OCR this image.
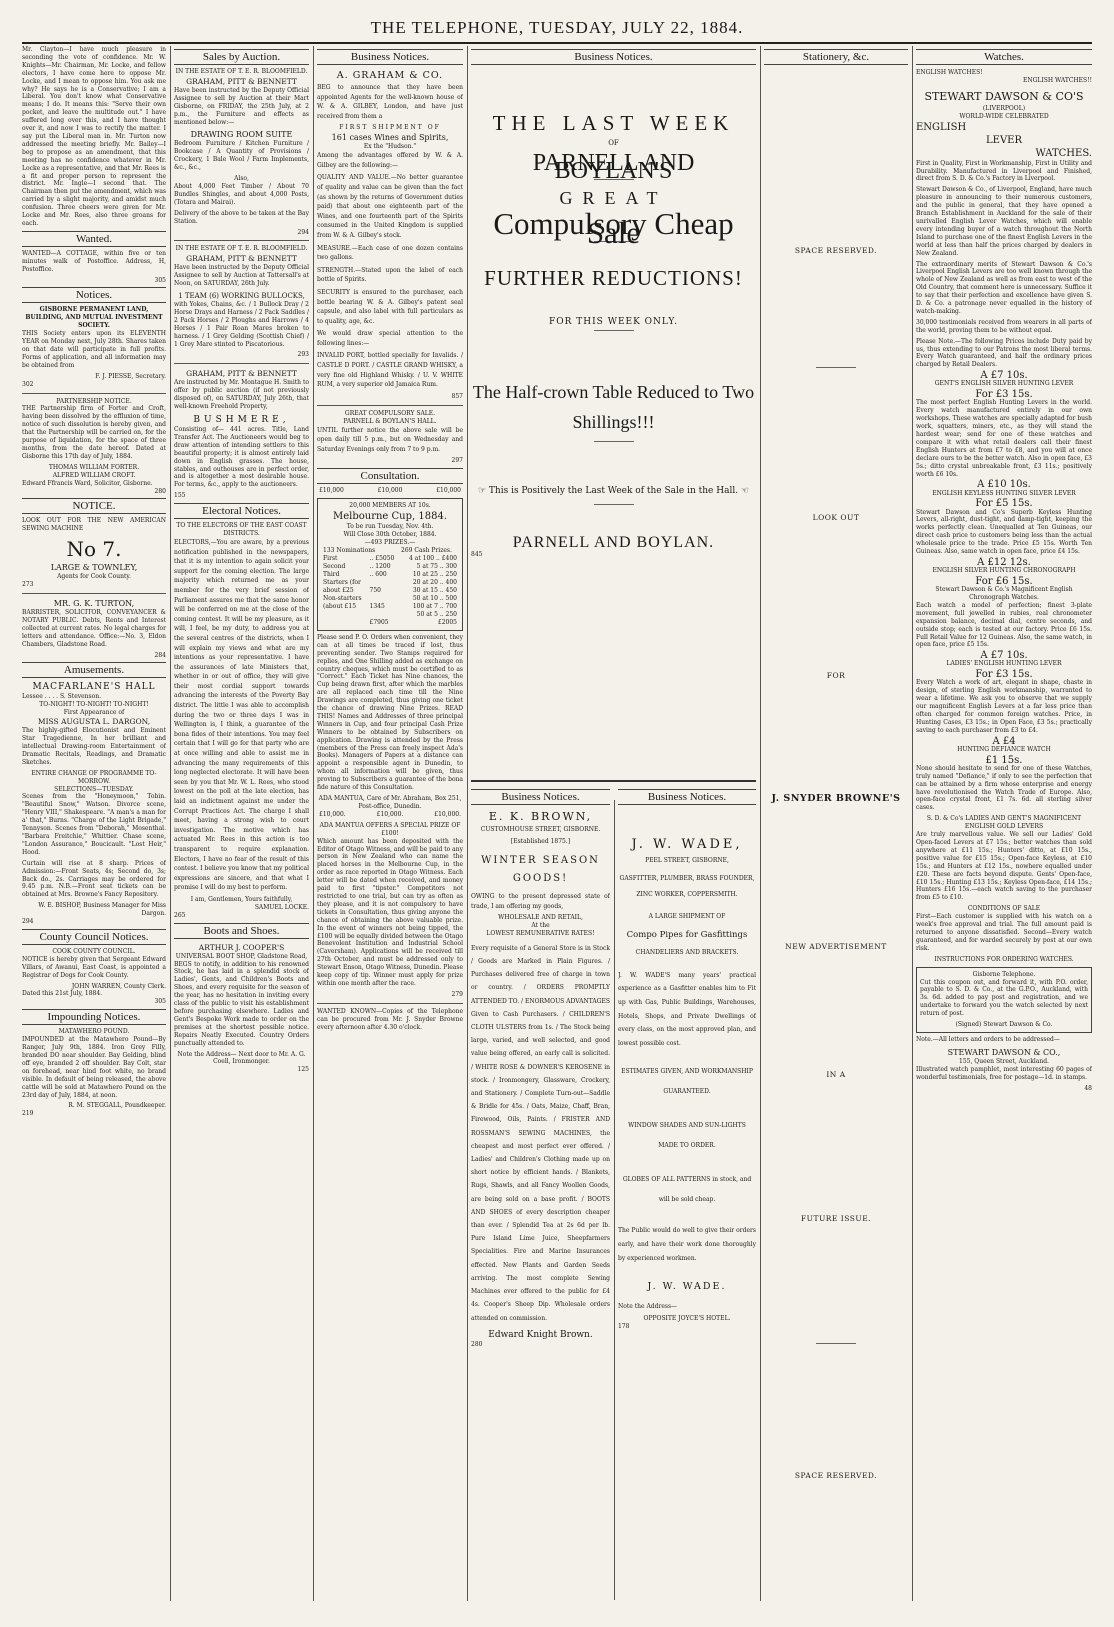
THE TELEPHONE, TUESDAY, JULY 22, 1884.
Mr. Clayton—I have much pleasure in seconding the vote of confidence. Mr. W. Knights—Mr. Chairman, Mr. Locke, and fellow electors, I have come here to oppose Mr. Locke, and I mean to oppose him. You ask me why? He says he is a Conservative; I am a Liberal. You don't know what Conservative means; I do. It means this: "Serve their own pocket, and leave the multitude out." I have suffered long over this, and I have thought over it, and now I was to rectify the matter. I say put the Liberal man in. Mr. Turton now addressed the meeting briefly. Mr. Bailey—I beg to propose as an amendment, that this meeting has no confidence whatever in Mr. Locke as a representative, and that Mr. Rees is a fit and proper person to represent the district. Mr. Ingle—I second that. The Chairman then put the amendment, which was carried by a slight majority, and amidst much confusion. Three cheers were given for Mr. Locke and Mr. Rees, also three groans for each.
Wanted.
WANTED—A COTTAGE, within five or ten minutes walk of Postoffice. Address, H, Postoffice.
305
Notices.
GISBORNE PERMANENT LAND, BUILDING, AND MUTUAL INVESTMENT SOCIETY.
THIS Society enters upon its ELEVENTH YEAR on Monday next, July 28th. Shares taken on that date will participate in full profits. Forms of application, and all information may be obtained from
F. J. PIESSE, Secretary.
302
PARTNERSHIP NOTICE.
THE Partnership firm of Forter and Croft, having been dissolved by the effluxion of time, notice of such dissolution is hereby given, and that the Partnership will be carried on, for the purpose of liquidation, for the space of three months, from the date hereof. Dated at Gisborne this 17th day of July, 1884.
THOMAS WILLIAM FORTER.
ALFRED WILLIAM CROFT.
Edward Ffrancis Ward, Solicitor, Gisborne.
280
NOTICE.
LOOK OUT FOR THE NEW AMERICAN SEWING MACHINE
No 7.
LARGE & TOWNLEY,
Agents for Cook County.
273
MR. G. K. TURTON,
BARRISTER, SOLICITOR, CONVEYANCER & NOTARY PUBLIC. Debts, Rents and Interest collected at current rates. No legal charges for letters and attendance. Office:—No. 3, Eldon Chambers, Gladstone Road.
284
Amusements.
MACFARLANE'S HALL
Lessee . . . . S. Stevenson.
TO-NIGHT! TO-NIGHT! TO-NIGHT!
First Appearance of
MISS AUGUSTA L. DARGON,
The highly-gifted Elocutionist and Eminent Star Tragedienne, In her brilliant and intellectual Drawing-room Entertainment of Dramatic Recitals, Readings, and Dramatic Sketches.
ENTIRE CHANGE OF PROGRAMME TO-MORROW.
SELECTIONS—TUESDAY.
Scenes from the "Honeymoon," Tobin. "Beautiful Snow," Watson. Divorce scene, "Henry VIII," Shakespeare. "A man's a man for a' that," Burns. "Charge of the Light Brigade," Tennyson. Scenes from "Deborah," Mosenthal. "Barbara Freitchie," Whittier. Chase scene, "London Assurance," Boucicault. "Lost Heir," Hood.
Curtain will rise at 8 sharp. Prices of Admission:—Front Seats, 4s; Second do, 3s; Back do., 2s. Carriages may be ordered for 9.45 p.m. N.B.—Front seat tickets can be obtained at Mrs. Browne's Fancy Repository.
W. E. BISHOP, Business Manager for Miss Dargon.
294
County Council Notices.
COOK COUNTY COUNCIL.
NOTICE is hereby given that Sergeant Edward Villars, of Awanui, East Coast, is appointed a Registrar of Dogs for Cook County.
JOHN WARREN, County Clerk.
Dated this 21st July, 1884.
305
Impounding Notices.
MATAWHERO POUND.
IMPOUNDED at the Matawhero Pound—By Ranger, July 9th, 1884. Iron Grey Filly, branded DO near shoulder. Bay Gelding, blind off eye, branded 2 off shoulder. Bay Colt, star on forehead, near hind foot white, no brand visible. In default of being released, the above cattle will be sold at Matawhero Pound on the 23rd day of July, 1884, at noon.
R. M. STEGGALL, Poundkeeper.
219
Sales by Auction.
IN THE ESTATE OF T. E. R. BLOOMFIELD.
GRAHAM, PITT & BENNETT
Have been instructed by the Deputy Official Assignee to sell by Auction at their Mart Gisborne, on FRIDAY, the 25th July, at 2 p.m., the Furniture and effects as mentioned below:—
DRAWING ROOM SUITE
Bedroom Furniture / Kitchen Furniture / Bookcase / A Quantity of Provisions / Crockery, 1 Bale Wool / Farm Implements, &c., &c.,
Also,
About 4,000 Feet Timber / About 70 Bundles Shingles, and about 4,000 Posts, (Totara and Mairai).
Delivery of the above to be taken at the Bay Station.
294
IN THE ESTATE OF T. E. R. BLOOMFIELD.
GRAHAM, PITT & BENNETT
Have been instructed by the Deputy Official Assignee to sell by Auction at Tattersall's at Noon, on SATURDAY, 26th July.
1 TEAM (6) WORKING BULLOCKS,
with Yokes, Chains, &c. / 1 Bullock Dray / 2 Horse Drays and Harness / 2 Pack Saddles / 2 Pack Horses / 2 Ploughs and Harrows / 4 Horses / 1 Pair Roan Mares broken to harness. / 1 Grey Gelding (Scottish Chief) / 1 Grey Mare stinted to Piscatorious.
293
GRAHAM, PITT & BENNETT
Are instructed by Mr. Montague H. Smith to offer by public auction (if not previously disposed of), on SATURDAY, July 26th, that well-known Freehold Property,
BUSHMERE,
Consisting of— 441 acres. Title, Land Transfer Act. The Auctioneers would beg to draw attention of intending settlers to this beautiful property; it is almost entirely laid down in English grasses. The house, stables, and outhouses are in perfect order, and is altogether a most desirable house. For terms, &c., apply to the auctioneers.
155
Electoral Notices.
TO THE ELECTORS OF THE EAST COAST DISTRICTS.
ELECTORS,—You are aware, by a previous notification published in the newspapers, that it is my intention to again solicit your support for the coming election. The large majority which returned me as your member for the very brief session of Parliament assures me that the same honor will be conferred on me at the close of the coming contest. It will be my pleasure, as it will, I feel, be my duty, to address you at the several centres of the districts, when I will explain my views and what are my intentions as your representative. I have the assurances of late Ministers that, whether in or out of office, they will give their most cordial support towards advancing the interests of the Poverty Bay district. The little I was able to accomplish during the two or three days I was in Wellington is, I think, a guarantee of the bona fides of their intentions. You may feel certain that I will go for that party who are at once willing and able to assist me in advancing the many requirements of this long neglected electorate. It will have been seen by you that Mr. W. L. Rees, who stood lowest on the poll at the late election, has laid an indictment against me under the Corrupt Practices Act. The charge I shall meet, having a strong wish to court investigation. The motive which has actuated Mr. Rees in this action is too transparent to require explanation. Electors, I have no fear of the result of this contest. I believe you know that my political expressions are sincere, and that what I promise I will do my best to perform.
I am, Gentlemen, Yours faithfully,
SAMUEL LOCKE.
265
Boots and Shoes.
ARTHUR J. COOPER'S
UNIVERSAL BOOT SHOP, Gladstone Road,
BEGS to notify, in addition to his renowned Stock, he has laid in a splendid stock of Ladies', Gents, and Children's Boots and Shoes, and every requisite for the season of the year, has no hesitation in inviting every class of the public to visit his establishment before purchasing elsewhere. Ladies and Gent's Bespoke Work made to order on the premises at the shortest possible notice. Repairs Neatly Executed. Country Orders punctually attended to.
Note the Address— Next door to Mr. A. G. Coell, Ironmonger.
125
Business Notices.
A. GRAHAM & CO.
BEG to announce that they have been appointed Agents for the well-known house of W. & A. GILBEY, London, and have just received from them a
FIRST SHIPMENT OF
161 cases Wines and Spirits,
Ex the "Hudson."
Among the advantages offered by W. & A. Gilbey are the following:—
QUALITY AND VALUE.—No better guarantee of quality and value can be given than the fact (as shown by the returns of Government duties paid) that about one eighteenth part of the Wines, and one fourteenth part of the Spirits consumed in the United Kingdom is supplied from W. & A. Gilbey's stock.
MEASURE.—Each case of one dozen contains two gallons.
STRENGTH.—Stated upon the label of each bottle of Spirits.
SECURITY is ensured to the purchaser, each bottle bearing W. & A. Gilbey's patent seal capsule, and also label with full particulars as to quality, age, &c.
We would draw special attention to the following lines:—
INVALID PORT, bottled specially for Invalids. / CASTLE D PORT. / CASTLE GRAND WHISKY, a very fine old Highland Whisky. / U. V. WHITE RUM, a very superior old Jamaica Rum.
857
GREAT COMPULSORY SALE.
PARNELL & BOYLAN'S HALL.
UNTIL further notice the above sale will be open daily till 5 p.m., but on Wednesday and Saturday Evenings only from 7 to 9 p.m.
297
Consultation.
£10,000	£10,000	£10,000
20,000 MEMBERS AT 10s.
Melbourne Cup, 1884.
To be run Tuesday, Nov. 4th.
Will Close 30th October, 1884.
—493 PRIZES.—
133 Nominations		269 Cash Prizes.
First	.. £5050	4 at 100 .. £400
Second	.. 1200	5 at 75 .. 300
Third	.. 600	10 at 25 .. 250
Starters (for		20 at 20 .. 400
about £25	750	30 at 15 .. 450
Non-starters		50 at 10 .. 500
(about £15	1345	100 at 7 .. 700
		50 at 5 .. 250
	£7905	£2005
Please send P. O. Orders when convenient, they can at all times be traced if lost, thus preventing sender. Two Stamps required for replies, and One Shilling added as exchange on country cheques, which must be certified to as "Correct." Each Ticket has Nine chances, the Cup being drawn first, after which the marbles are all replaced each time till the Nine Drawings are completed, thus giving one ticket the chance of drawing Nine Prizes. READ THIS! Names and Addresses of three principal Winners in Cup, and four principal Cash Prize Winners to be obtained by Subscribers on application. Drawing is attended by the Press (members of the Press can freely inspect Ada's Books). Managers of Papers at a distance can appoint a responsible agent in Dunedin, to whom all information will be given, thus proving to Subscribers a guarantee of the bona fide nature of this Consultation.
ADA MANTUA, Care of Mr. Abraham, Box 251, Post-office, Dunedin.
£10,000.	£10,000.	£10,000.
ADA MANTUA OFFERS A SPECIAL PRIZE OF £100!
Which amount has been deposited with the Editor of Otago Witness, and will be paid to any person in New Zealand who can name the placed horses in the Melbourne Cup, in the order as race reported in Otago Witness. Each letter will be dated when received, and money paid to first "tipster." Competitors not restricted to one trial, but can try as often as they please, and it is not compulsory to have tickets in Consultation, thus giving anyone the chance of obtaining the above valuable prize. In the event of winners not being tipped, the £100 will be equally divided between the Otago Benevolent Institution and Industrial School (Caversham). Applications will be received till 27th October, and must be addressed only to Stewart Enson, Otago Witness, Dunedin. Please keep copy of tip. Winner must apply for prize within one month after the race.
279
WANTED KNOWN—Copies of the Telephone can be procured from Mr. J. Snyder Browne every afternoon after 4.30 o'clock.
Business Notices.
THE LAST WEEK
OF
PARNELL AND BOYLAN'S
GREAT
Compulsory Cheap Sale
FURTHER REDUCTIONS!
FOR THIS WEEK ONLY.
The Half-crown Table Reduced to Two Shillings!!!
☞ This is Positively the Last Week of the Sale in the Hall. ☜
PARNELL AND BOYLAN.
845
Business Notices.
E. K. BROWN,
CUSTOMHOUSE STREET, GISBORNE.
[Established 1875.]
WINTER SEASON GOODS!
OWING to the present depressed state of trade, I am offering my goods,
WHOLESALE AND RETAIL,
At the
LOWEST REMUNERATIVE RATES!
Every requisite of a General Store is in Stock / Goods are Marked in Plain Figures. / Purchases delivered free of charge in town or country. / ORDERS PROMPTLY ATTENDED TO. / ENORMOUS ADVANTAGES Given to Cash Purchasers. / CHILDREN'S CLOTH ULSTERS from 1s. / The Stock being large, varied, and well selected, and good value being offered, an early call is solicited. / WHITE ROSE & DOWNER'S KEROSENE in stock. / Ironmongery, Glassware, Crockery, and Stationery. / Complete Turn-out—Saddle & Bridle for 45s. / Oats, Maize, Chaff, Bran, Firewood, Oils, Paints. / FRISTER AND ROSSMAN'S SEWING MACHINES, the cheapest and most perfect ever offered. / Ladies' and Children's Clothing made up on short notice by efficient hands. / Blankets, Rugs, Shawls, and all Fancy Woollen Goods, are being sold on a base profit. / BOOTS AND SHOES of every description cheaper than ever. / Splendid Tea at 2s 6d per lb. Pure Island Lime Juice, Sheepfarmers Specialities. Fire and Marine Insurances effected. New Plants and Garden Seeds arriving. The most complete Sewing Machines ever offered to the public for £4 4s. Cooper's Sheep Dip. Wholesale orders attended on commission.
Edward Knight Brown.
280
Business Notices.
J. W. WADE,
PEEL STREET, GISBORNE,
GASFITTER, PLUMBER, BRASS FOUNDER, ZINC WORKER, COPPERSMITH.
A LARGE SHIPMENT OF
Compo Pipes for Gasfittings
CHANDELIERS AND BRACKETS.
J. W. WADE'S many years' practical experience as a Gasfitter enables him to Fit up with Gas, Public Buildings, Warehouses, Hotels, Shops, and Private Dwellings of every class, on the most approved plan, and lowest possible cost.
ESTIMATES GIVEN, AND WORKMANSHIP GUARANTEED.
WINDOW SHADES AND SUN-LIGHTS MADE TO ORDER.
GLOBES OF ALL PATTERNS in stock, and will be sold cheap.
The Public would do well to give their orders early, and have their work done thoroughly by experienced workmen.
J. W. WADE.
Note the Address—
OPPOSITE JOYCE'S HOTEL.
178
Stationery, &c.
SPACE RESERVED.
LOOK OUT
FOR
J. SNYDER BROWNE'S
NEW ADVERTISEMENT
IN A
FUTURE ISSUE.
SPACE RESERVED.
Watches.
ENGLISH WATCHES!
ENGLISH WATCHES!!
STEWART DAWSON & CO'S
(LIVERPOOL)
WORLD-WIDE CELEBRATED
ENGLISH
LEVER
WATCHES.
First in Quality, First in Workmanship, First in Utility and Durability. Manufactured in Liverpool and Finished, direct from S. D. & Co.'s Factory in Liverpool.
Stewart Dawson & Co., of Liverpool, England, have much pleasure in announcing to their numerous customers, and the public in general, that they have opened a Branch Establishment in Auckland for the sale of their unrivalled English Lever Watches, which will enable every intending buyer of a watch throughout the North Island to purchase one of the finest English Levers in the world at less than half the prices charged by dealers in New Zealand.
The extraordinary merits of Stewart Dawson & Co.'s Liverpool English Levers are too well known through the whole of New Zealand as well as from east to west of the Old Country, that comment here is unnecessary. Suffice it to say that their perfection and excellence have given S. D. & Co. a patronage never equalled in the history of watch-making.
30,000 testimonials received from wearers in all parts of the world, proving them to be without equal.
Please Note.—The following Prices include Duty paid by us, thus extending to our Patrons the most liberal terms. Every Watch guaranteed, and half the ordinary prices charged by Retail Dealers.
A £7 10s.
GENT'S ENGLISH SILVER HUNTING LEVER
For £3 15s.
The most perfect English Hunting Levers in the world. Every watch manufactured entirely in our own workshops. These watches are specially adapted for bush work, squatters, miners, etc., as they will stand the hardest wear; send for one of these watches and compare it with what retail dealers call their finest English Hunters at from £7 to £8, and you will at once declare ours to be the better watch. Also in open face, £3 5s.; ditto crystal unbreakable front, £3 11s.; positively worth £6 10s.
A £10 10s.
ENGLISH KEYLESS HUNTING SILVER LEVER
For £5 15s.
Stewart Dawson and Co's Superb Keyless Hunting Levers, all-right, dust-tight, and damp-tight, keeping the works perfectly clean. Unequalled at Ten Guineas, our direct cash price to customers being less than the actual wholesale price to the trade. Price £5 15s. Worth Ten Guineas. Also, same watch in open face, price £4 15s.
A £12 12s.
ENGLISH SILVER HUNTING CHRONOGRAPH
For £6 15s.
Stewart Dawson & Co.'s Magnificent English Chronograph Watches.
Each watch a model of perfection; finest 3-plate movement, full jewelled in rubies, real chronometer expansion balance, decimal dial, centre seconds, and outside stop; each is tested at our factory. Price £6 15s. Full Retail Value for 12 Guineas. Also, the same watch, in open face, price £5 15s.
A £7 10s.
LADIES' ENGLISH HUNTING LEVER
For £3 15s.
Every Watch a work of art, elegant in shape, chaste in design, of sterling English workmanship, warranted to wear a lifetime. We ask you to observe that we supply our magnificent English Levers at a far less price than often charged for common foreign watches. Price, in Hunting Cases, £3 15s.; in Open Face, £3 5s.; practically saving to each purchaser from £3 to £4.
A £4
HUNTING DEFIANCE WATCH
£1 15s.
None should hesitate to send for one of these Watches, truly named "Defiance," if only to see the perfection that can be attained by a firm whose enterprise and energy have revolutionised the Watch Trade of Europe. Also, open-face crystal front, £1 7s. 6d. all sterling silver cases.
S. D. & Co's LADIES AND GENT'S MAGNIFICENT ENGLISH GOLD LEVERS
Are truly marvellous value. We sell our Ladies' Gold Open-faced Levers at £7 15s.; better watches than sold anywhere at £11 15s.; Hunters' ditto, at £10 15s., positive value for £15 15s.; Open-face Keyless, at £10 15s.; and Hunters at £12 15s., nowhere equalled under £20. These are facts beyond dispute. Gents' Open-face, £10 15s.; Hunting £13 15s.; Keyless Open-face, £14 15s.; Hunters £16 15s.—each watch saving to the purchaser from £5 to £10.
CONDITIONS OF SALE
First—Each customer is supplied with his watch on a week's free approval and trial. The full amount paid is returned to anyone dissatisfied. Second—Every watch guaranteed, and for warded securely by post at our own risk.
INSTRUCTIONS FOR ORDERING WATCHES.
Gisborne Telephone.
Cut this coupon out, and forward it, with P.O. order, payable to S. D. & Co., at the G.P.O., Auckland, with 3s. 6d. added to pay post and registration, and we undertake to forward you the watch selected by next return of post.
(Signed) Stewart Dawson & Co.
Note.—All letters and orders to be addressed—
STEWART DAWSON & CO.,
155, Queen Street, Auckland.
Illustrated watch pamphlet, most interesting 60 pages of wonderful testimonials, free for postage—1d. in stamps.
48
